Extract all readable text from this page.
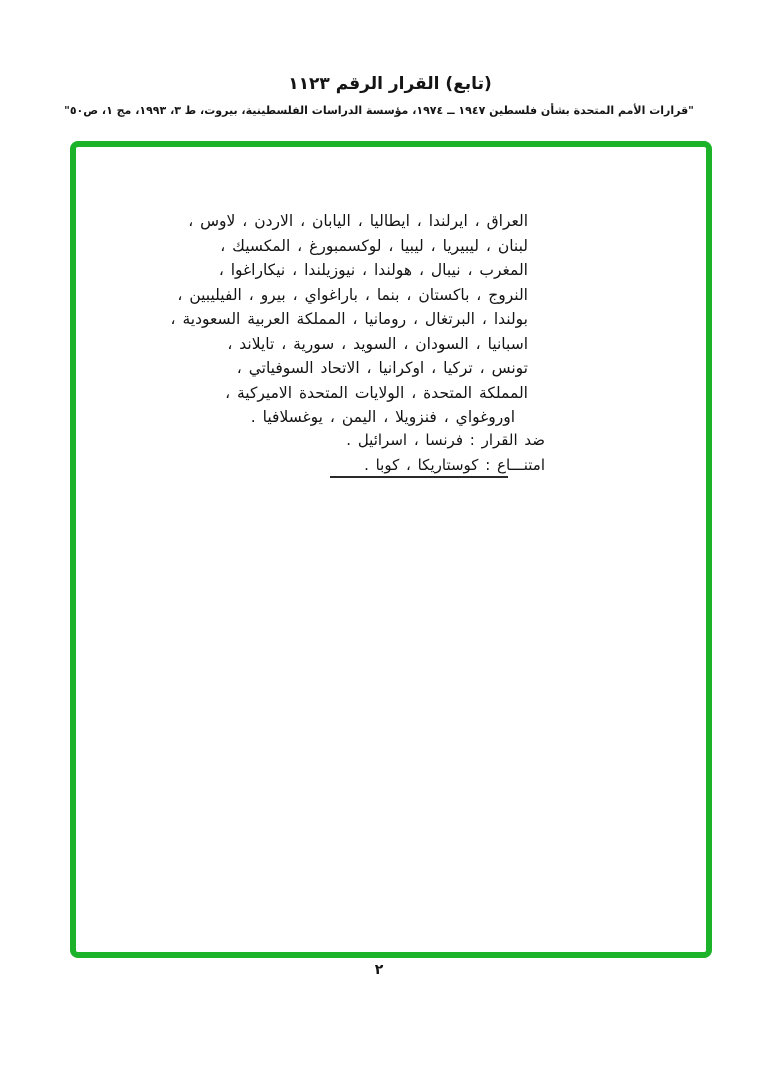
(تابع) القرار الرقم ١١٢٣
"قرارات الأمم المتحدة بشأن فلسطين ١٩٤٧ ــ ١٩٧٤، مؤسسة الدراسات الفلسطينية، بيروت، ط ٣، ١٩٩٣، مج ١، ص٥٠"
العراق ، ايرلندا ، ايطاليا ، اليابان ، الاردن ، لاوس ،
لبنان ، ليبيريا ، ليبيا ، لوكسمبورغ ، المكسيك ،
المغرب ، نيبال ، هولندا ، نيوزيلندا ، نيكاراغوا ،
النروج ، باكستان ، بنما ، باراغواي ، بيرو ، الفيليبين ،
بولندا ، البرتغال ، رومانيا ، المملكة العربية السعودية ،
اسبانيا ، السودان ، السويد ، سورية ، تايلاند ،
تونس ، تركيا ، اوكرانيا ، الاتحاد السوفياتي ،
المملكة المتحدة ، الولايات المتحدة الاميركية ،
اوروغواي ، فنزويلا ، اليمن ، يوغسلافيا .
ضد القرار : فرنسا ، اسرائيل .
امتنـــاع : كوستاريكا ، كوبا .
٢
